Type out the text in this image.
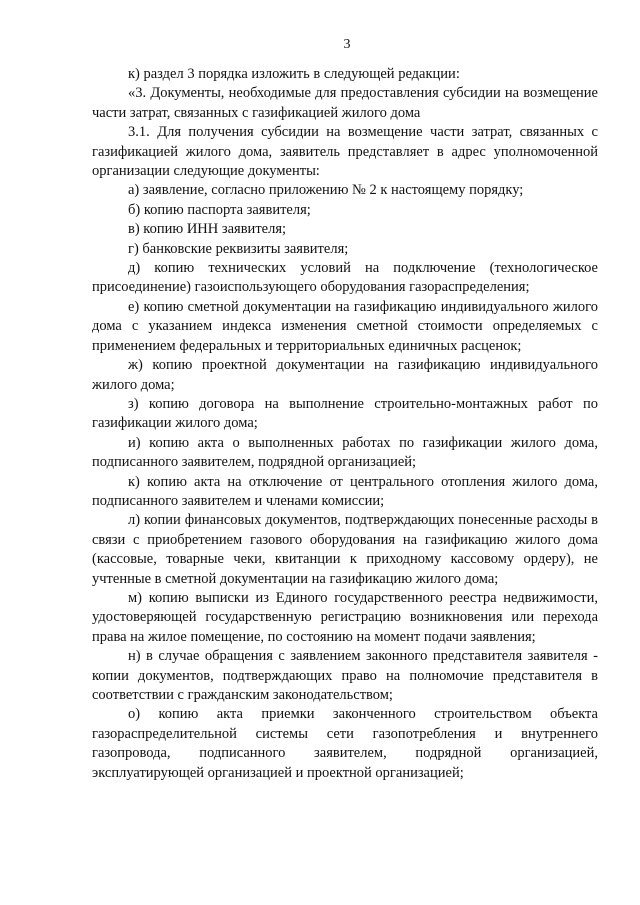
3

к) раздел 3 порядка изложить в следующей редакции:

«3. Документы, необходимые для предоставления субсидии на возмещение части затрат, связанных с газификацией жилого дома

3.1. Для получения субсидии на возмещение части затрат, связанных с газификацией жилого дома, заявитель представляет в адрес уполномоченной организации следующие документы:

а) заявление, согласно приложению № 2 к настоящему порядку;

б) копию паспорта заявителя;

в) копию ИНН заявителя;

г) банковские реквизиты заявителя;

д) копию технических условий на подключение (технологическое присоединение) газоиспользующего оборудования газораспределения;

е) копию сметной документации на газификацию индивидуального жилого дома с указанием индекса изменения сметной стоимости определяемых с применением федеральных и территориальных единичных расценок;

ж) копию проектной документации на газификацию индивидуального жилого дома;

з) копию договора на выполнение строительно-монтажных работ по газификации жилого дома;

и) копию акта о выполненных работах по газификации жилого дома, подписанного заявителем, подрядной организацией;

к) копию акта на отключение от центрального отопления жилого дома, подписанного заявителем и членами комиссии;

л) копии финансовых документов, подтверждающих понесенные расходы в связи с приобретением газового оборудования на газификацию жилого дома (кассовые, товарные чеки, квитанции к приходному кассовому ордеру), не учтенные в сметной документации на газификацию жилого дома;

м) копию выписки из Единого государственного реестра недвижимости, удостоверяющей государственную регистрацию возникновения или перехода права на жилое помещение, по состоянию на момент подачи заявления;

н) в случае обращения с заявлением законного представителя заявителя - копии документов, подтверждающих право на полномочие представителя в соответствии с гражданским законодательством;

о) копию акта приемки законченного строительством объекта газораспределительной системы сети газопотребления и внутреннего газопровода, подписанного заявителем, подрядной организацией, эксплуатирующей организацией и проектной организацией;
